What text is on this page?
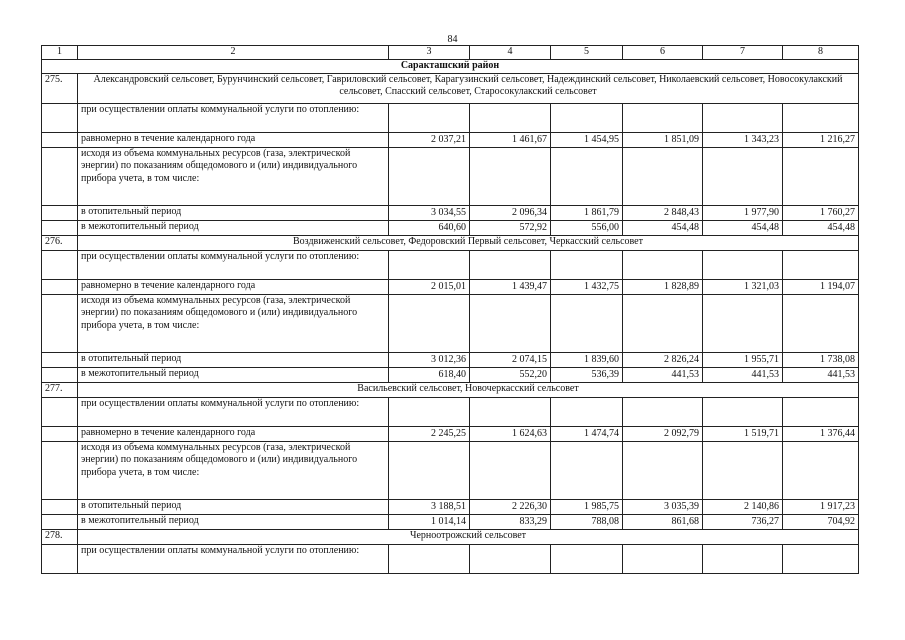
84
1	2	3	4	5	6	7	8
Саракташский район							
275.	Александровский сельсовет, Бурунчинский сельсовет, Гавриловский сельсовет, Карагузинский сельсовет, Надеждинский сельсовет, Николаевский сельсовет, Новосокулакский сельсовет, Спасский сельсовет, Старосокулакский сельсовет						
	при осуществлении оплаты коммунальной услуги по отоплению:						
	равномерно в течение календарного года	2 037,21	1 461,67	1 454,95	1 851,09	1 343,23	1 216,27
	исходя из объема коммунальных ресурсов (газа, электрической энергии) по показаниям общедомового и (или) индивидуального прибора учета, в том числе:						
	в отопительный период	3 034,55	2 096,34	1 861,79	2 848,43	1 977,90	1 760,27
	в межотопительный период	640,60	572,92	556,00	454,48	454,48	454,48
276.	Воздвиженский сельсовет, Федоровский Первый сельсовет, Черкасский сельсовет						
	при осуществлении оплаты коммунальной услуги по отоплению:						
	равномерно в течение календарного года	2 015,01	1 439,47	1 432,75	1 828,89	1 321,03	1 194,07
	исходя из объема коммунальных ресурсов (газа, электрической энергии) по показаниям общедомового и (или) индивидуального прибора учета, в том числе:						
	в отопительный период	3 012,36	2 074,15	1 839,60	2 826,24	1 955,71	1 738,08
	в межотопительный период	618,40	552,20	536,39	441,53	441,53	441,53
277.	Васильевский сельсовет, Новочеркасский сельсовет						
	при осуществлении оплаты коммунальной услуги по отоплению:						
	равномерно в течение календарного года	2 245,25	1 624,63	1 474,74	2 092,79	1 519,71	1 376,44
	исходя из объема коммунальных ресурсов (газа, электрической энергии) по показаниям общедомового и (или) индивидуального прибора учета, в том числе:						
	в отопительный период	3 188,51	2 226,30	1 985,75	3 035,39	2 140,86	1 917,23
	в межотопительный период	1 014,14	833,29	788,08	861,68	736,27	704,92
278.	Черноотрожский сельсовет						
	при осуществлении оплаты коммунальной услуги по отоплению:						
